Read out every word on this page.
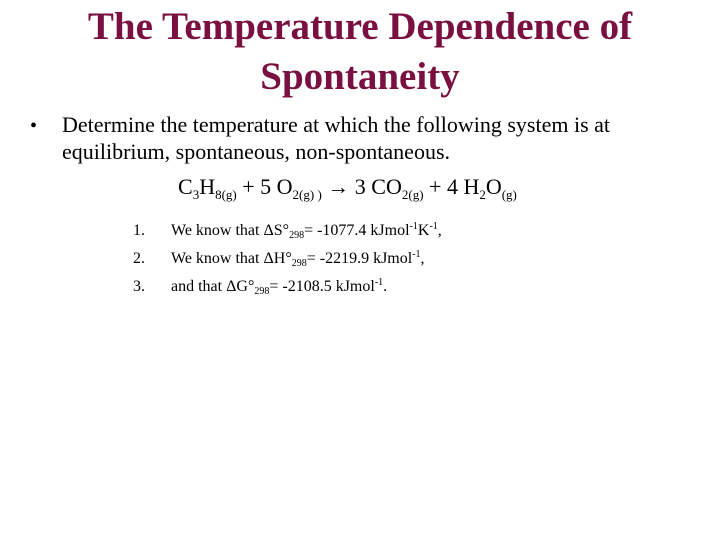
The Temperature Dependence of
Spontaneity
• Determine the temperature at which the following system is at equilibrium, spontaneous, non-spontaneous.
$C_3H_{8(g)} + 5$ $O_{2(g) )} \to 3$ $CO_{2(g)} + 4$ $H_2O_{(g)}$
1.	We know that $\Delta S^\circ_{298}= -1077.4$ $kJmol^{-1}K^{-1}$,
2.	We know that $\Delta H^\circ_{298}= -2219.9$ kJmol$^{-1}$,
3.	and that $\Delta G^\circ_{298}= -2108.5$ kJmol$^{-1}$.
